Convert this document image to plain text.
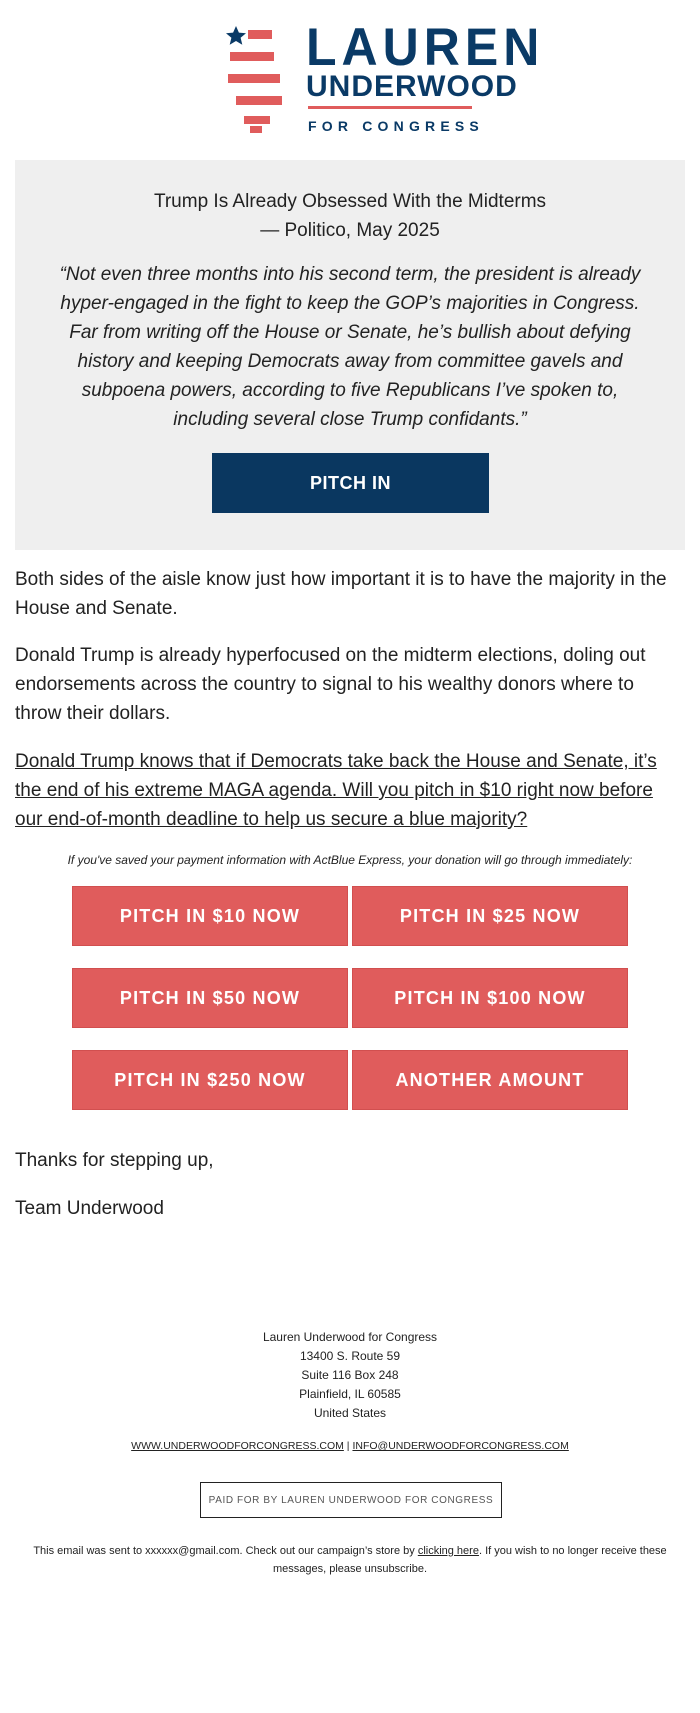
LAUREN
UNDERWOOD
FOR CONGRESS
Trump Is Already Obsessed With the Midterms
— Politico, May 2025
“Not even three months into his second term, the president is already hyper-engaged in the fight to keep the GOP’s majorities in Congress. Far from writing off the House or Senate, he’s bullish about defying history and keeping Democrats away from committee gavels and subpoena powers, according to five Republicans I’ve spoken to, including several close Trump confidants.”
PITCH IN

Both sides of the aisle know just how important it is to have the majority in the House and Senate.

Donald Trump is already hyperfocused on the midterm elections, doling out endorsements across the country to signal to his wealthy donors where to throw their dollars.

Donald Trump knows that if Democrats take back the House and Senate, it’s the end of his extreme MAGA agenda. Will you pitch in $10 right now before our end-of-month deadline to help us secure a blue majority?

If you've saved your payment information with ActBlue Express, your donation will go through immediately:
PITCH IN $10 NOW	PITCH IN $25 NOW
PITCH IN $50 NOW	PITCH IN $100 NOW
PITCH IN $250 NOW	ANOTHER AMOUNT
Thanks for stepping up,
Team Underwood
Lauren Underwood for Congress
13400 S. Route 59
Suite 116 Box 248
Plainfield, IL 60585
United States
WWW.UNDERWOODFORCONGRESS.COM | INFO@UNDERWOODFORCONGRESS.COM
PAID FOR BY LAUREN UNDERWOOD FOR CONGRESS
This email was sent to xxxxxx@gmail.com. Check out our campaign’s store by clicking here. If you wish to no longer receive these messages, please unsubscribe.
